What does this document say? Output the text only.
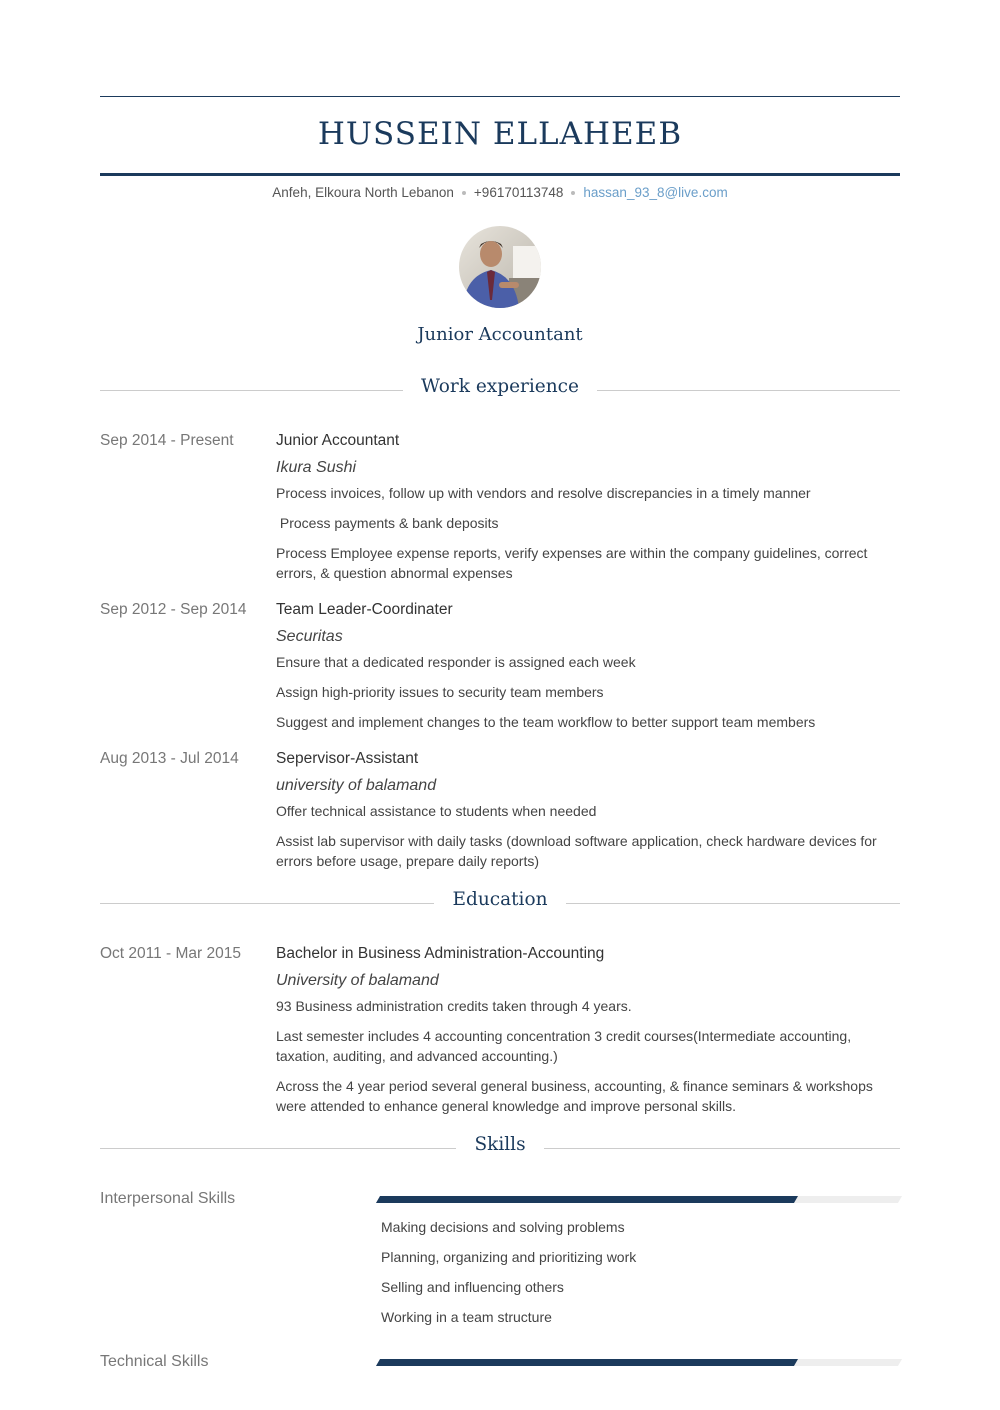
HUSSEIN ELLAHEEB
Anfeh, Elkoura North Lebanon +96170113748 hassan_93_8@live.com
Junior Accountant
Work experience
Sep 2014 - Present	Junior Accountant
Ikura Sushi
Process invoices, follow up with vendors and resolve discrepancies in a timely manner
Process payments & bank deposits
Process Employee expense reports, verify expenses are within the company guidelines, correct errors, & question abnormal expenses
Sep 2012 - Sep 2014	Team Leader-Coordinater
Securitas
Ensure that a dedicated responder is assigned each week
Assign high-priority issues to security team members
Suggest and implement changes to the team workflow to better support team members
Aug 2013 - Jul 2014	Sepervisor-Assistant
university of balamand
Offer technical assistance to students when needed
Assist lab supervisor with daily tasks (download software application, check hardware devices for errors before usage, prepare daily reports)
Education
Oct 2011 - Mar 2015	Bachelor in Business Administration-Accounting
University of balamand
93 Business administration credits taken through 4 years.
Last semester includes 4 accounting concentration 3 credit courses(Intermediate accounting, taxation, auditing, and advanced accounting.)
Across the 4 year period several general business, accounting, & finance seminars & workshops were attended to enhance general knowledge and improve personal skills.
Skills
Interpersonal Skills
Making decisions and solving problems
Planning, organizing and prioritizing work
Selling and influencing others
Working in a team structure
Technical Skills
